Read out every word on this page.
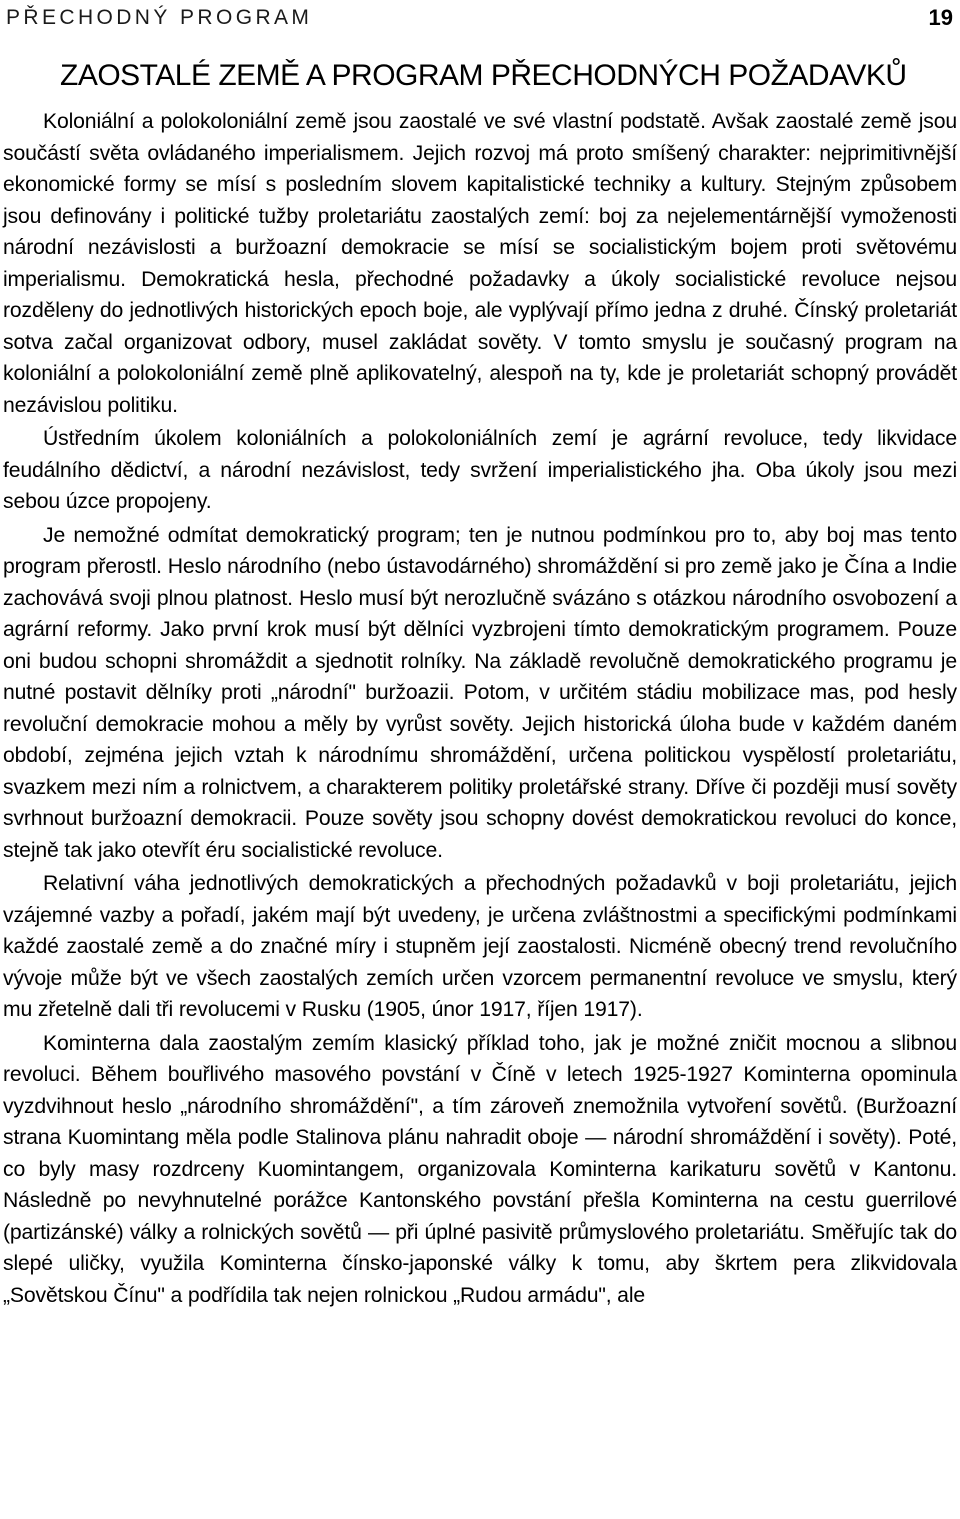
PŘECHODNÝ PROGRAM	19
ZAOSTALÉ ZEMĚ A PROGRAM PŘECHODNÝCH POŽADAVKŮ

Koloniální a polokoloniální země jsou zaostalé ve své vlastní podstatě. Avšak zaostalé země jsou součástí světa ovládaného imperialismem. Jejich rozvoj má proto smíšený charakter: nejprimitivnější ekonomické formy se mísí s posledním slovem kapitalistické techniky a kultury. Stejným způsobem jsou definovány i politické tužby proletariátu zaostalých zemí: boj za nejelementárnější vymoženosti národní nezávislosti a buržoazní demokracie se mísí se socialistickým bojem proti světovému imperialismu. Demokratická hesla, přechodné požadavky a úkoly socialistické revoluce nejsou rozděleny do jednotlivých historických epoch boje, ale vyplývají přímo jedna z druhé. Čínský proletariát sotva začal organizovat odbory, musel zakládat sověty. V tomto smyslu je současný program na koloniální a polokoloniální země plně aplikovatelný, alespoň na ty, kde je proletariát schopný provádět nezávislou politiku.

Ústředním úkolem koloniálních a polokoloniálních zemí je agrární revoluce, tedy likvidace feudálního dědictví, a národní nezávislost, tedy svržení imperialistického jha. Oba úkoly jsou mezi sebou úzce propojeny.

Je nemožné odmítat demokratický program; ten je nutnou podmínkou pro to, aby boj mas tento program přerostl. Heslo národního (nebo ústavodárného) shromáždění si pro země jako je Čína a Indie zachovává svoji plnou platnost. Heslo musí být nerozlučně svázáno s otázkou národního osvobození a agrární reformy. Jako první krok musí být dělníci vyzbrojeni tímto demokratickým programem. Pouze oni budou schopni shromáždit a sjednotit rolníky. Na základě revolučně demokratického programu je nutné postavit dělníky proti „národní" buržoazii. Potom, v určitém stádiu mobilizace mas, pod hesly revoluční demokracie mohou a měly by vyrůst sověty. Jejich historická úloha bude v každém daném období, zejména jejich vztah k národnímu shromáždění, určena politickou vyspělostí proletariátu, svazkem mezi ním a rolnictvem, a charakterem politiky proletářské strany. Dříve či později musí sověty svrhnout buržoazní demokracii. Pouze sověty jsou schopny dovést demokratickou revoluci do konce, stejně tak jako otevřít éru socialistické revoluce.

Relativní váha jednotlivých demokratických a přechodných požadavků v boji proletariátu, jejich vzájemné vazby a pořadí, jakém mají být uvedeny, je určena zvláštnostmi a specifickými podmínkami každé zaostalé země a do značné míry i stupněm její zaostalosti. Nicméně obecný trend revolučního vývoje může být ve všech zaostalých zemích určen vzorcem permanentní revoluce ve smyslu, který mu zřetelně dali tři revolucemi v Rusku (1905, únor 1917, říjen 1917).

Kominterna dala zaostalým zemím klasický příklad toho, jak je možné zničit mocnou a slibnou revoluci. Během bouřlivého masového povstání v Číně v letech 1925-1927 Kominterna opominula vyzdvihnout heslo „národního shromáždění", a tím zároveň znemožnila vytvoření sovětů. (Buržoazní strana Kuomintang měla podle Stalinova plánu nahradit oboje — národní shromáždění i sověty). Poté, co byly masy rozdrceny Kuomintangem, organizovala Kominterna karikaturu sovětů v Kantonu. Následně po nevyhnutelné porážce Kantonského povstání přešla Kominterna na cestu guerrilové (partizánské) války a rolnických sovětů — při úplné pasivitě průmyslového proletariátu. Směřujíc tak do slepé uličky, využila Kominterna čínsko-japonské války k tomu, aby škrtem pera zlikvidovala „Sovětskou Čínu" a podřídila tak nejen rolnickou „Rudou armádu", ale
